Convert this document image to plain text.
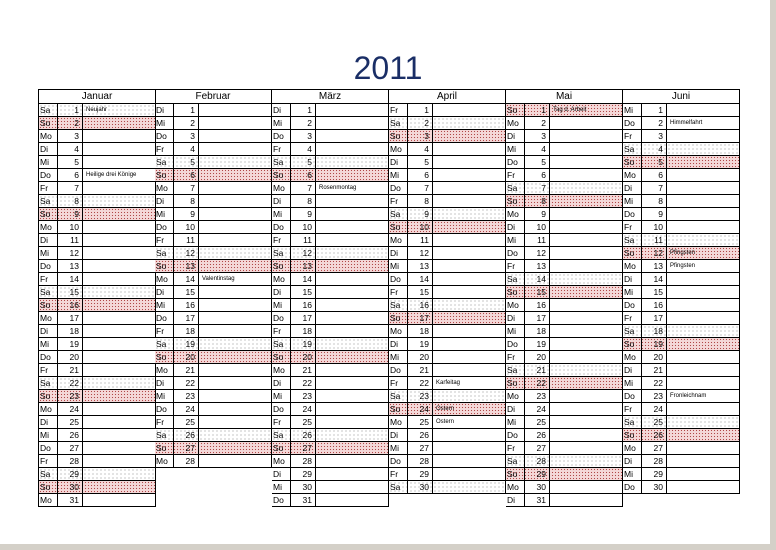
2011
Januar
Sa	1	Neujahr
So	2
Mo	3
Di	4
Mi	5
Do	6	Heilige drei Könige
Fr	7
Sa	8
So	9
Mo	10
Di	11
Mi	12
Do	13
Fr	14
Sa	15
So	16
Mo	17
Di	18
Mi	19
Do	20
Fr	21
Sa	22
So	23
Mo	24
Di	25
Mi	26
Do	27
Fr	28
Sa	29
So	30
Mo	31
Februar
Di	1
Mi	2
Do	3
Fr	4
Sa	5
So	6
Mo	7
Di	8
Mi	9
Do	10
Fr	11
Sa	12
So	13
Mo	14	Valentinstag
Di	15
Mi	16
Do	17
Fr	18
Sa	19
So	20
Mo	21
Di	22
Mi	23
Do	24
Fr	25
Sa	26
So	27
Mo	28
März
Di	1
Mi	2
Do	3
Fr	4
Sa	5
So	6
Mo	7	Rosenmontag
Di	8
Mi	9
Do	10
Fr	11
Sa	12
So	13
Mo	14
Di	15
Mi	16
Do	17
Fr	18
Sa	19
So	20
Mo	21
Di	22
Mi	23
Do	24
Fr	25
Sa	26
So	27
Mo	28
Di	29
Mi	30
Do	31
April
Fr	1
Sa	2
So	3
Mo	4
Di	5
Mi	6
Do	7
Fr	8
Sa	9
So	10
Mo	11
Di	12
Mi	13
Do	14
Fr	15
Sa	16
So	17
Mo	18
Di	19
Mi	20
Do	21
Fr	22	Karfeitag
Sa	23
So	24	Ostern
Mo	25	Ostern
Di	26
Mi	27
Do	28
Fr	29
Sa	30
Mai
So	1	Tag d. Arbeit
Mo	2
Di	3
Mi	4
Do	5
Fr	6
Sa	7
So	8
Mo	9
Di	10
Mi	11
Do	12
Fr	13
Sa	14
So	15
Mo	16
Di	17
Mi	18
Do	19
Fr	20
Sa	21
So	22
Mo	23
Di	24
Mi	25
Do	26
Fr	27
Sa	28
So	29
Mo	30
Di	31
Juni
Mi	1
Do	2	Himmelfahrt
Fr	3
Sa	4
So	5
Mo	6
Di	7
Mi	8
Do	9
Fr	10
Sa	11
So	12	Pfingsten
Mo	13	Pfingsten
Di	14
Mi	15
Do	16
Fr	17
Sa	18
So	19
Mo	20
Di	21
Mi	22
Do	23	Fronleichnam
Fr	24
Sa	25
So	26
Mo	27
Di	28
Mi	29
Do	30
